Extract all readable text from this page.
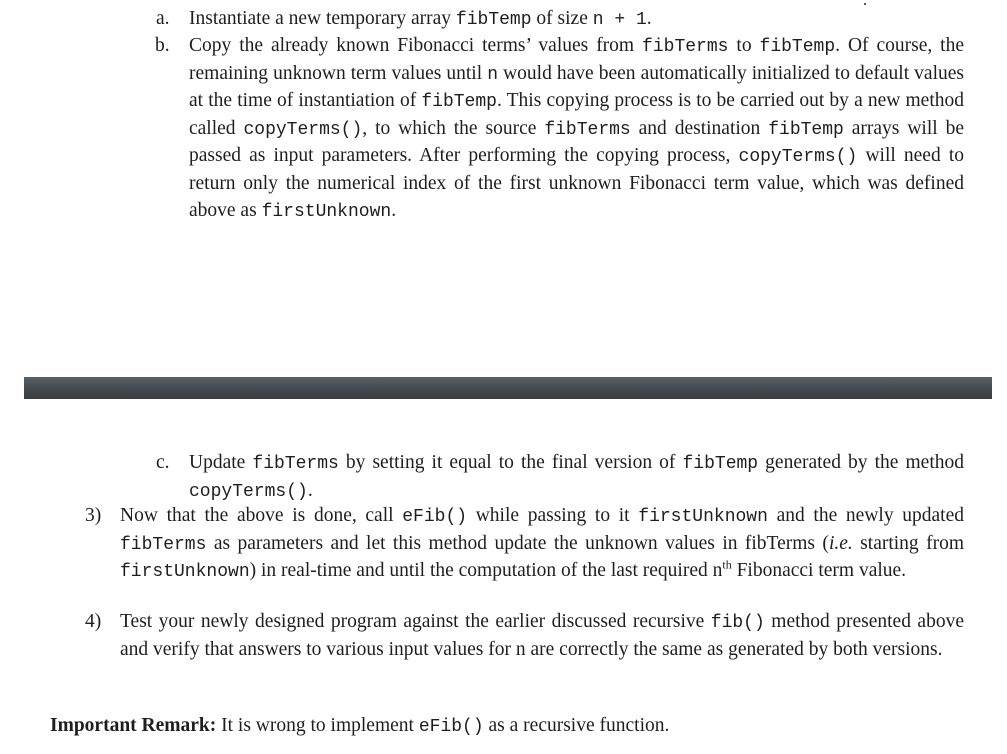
a. Instantiate a new temporary array fibTemp of size n + 1.

b. Copy the already known Fibonacci terms’ values from fibTerms to fibTemp. Of course, the remaining unknown term values until n would have been automatically initialized to default values at the time of instantiation of fibTemp. This copying process is to be carried out by a new method called copyTerms(), to which the source fibTerms and destination fibTemp arrays will be passed as input parameters. After performing the copying process, copyTerms() will need to return only the numerical index of the first unknown Fibonacci term value, which was defined above as firstUnknown.

c. Update fibTerms by setting it equal to the final version of fibTemp generated by the method copyTerms().

3) Now that the above is done, call eFib() while passing to it firstUnknown and the newly updated fibTerms as parameters and let this method update the unknown values in fibTerms (i.e. starting from firstUnknown) in real-time and until the computation of the last required $n^{th}$ Fibonacci term value.

4) Test your newly designed program against the earlier discussed recursive fib() method presented above and verify that answers to various input values for n are correctly the same as generated by both versions.

Important Remark: It is wrong to implement eFib() as a recursive function.
